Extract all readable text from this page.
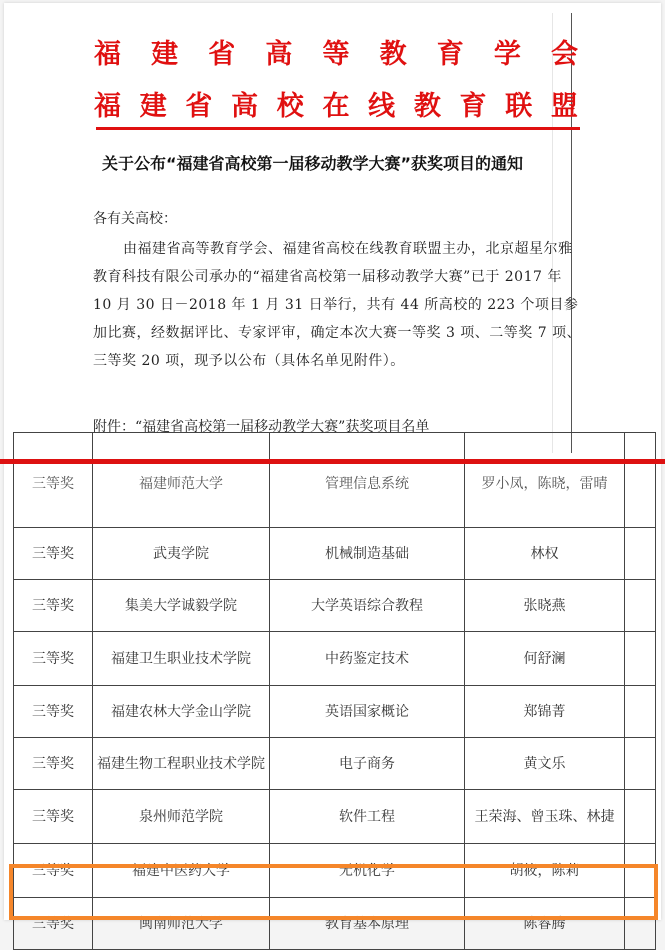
福 建 省 高 等 教 育 学 会
福 建 省 高 校 在 线 教 育 联 盟
关于公布“福建省高校第一届移动教学大赛”获奖项目的通知
各有关高校：
由福建省高等教育学会、福建省高校在线教育联盟主办，北京超星尔雅教育科技有限公司承办的“福建省高校第一届移动教学大赛”已于 2017 年 10 月 30 日－2018 年 1 月 31 日举行，共有 44 所高校的 223 个项目参加比赛，经数据评比、专家评审，确定本次大赛一等奖 3 项、二等奖 7 项、三等奖 20 项，现予以公布（具体名单见附件）。
附件：“福建省高校第一届移动教学大赛”获奖项目名单
三等奖	福建师范大学	管理信息系统	罗小凤，陈晓，雷晴	
三等奖	武夷学院	机械制造基础	林权	
三等奖	集美大学诚毅学院	大学英语综合教程	张晓燕	
三等奖	福建卫生职业技术学院	中药鉴定技术	何舒澜	
三等奖	福建农林大学金山学院	英语国家概论	郑锦菁	
三等奖	福建生物工程职业技术学院	电子商务	黄文乐	
三等奖	泉州师范学院	软件工程	王荣海、曾玉珠、林捷	
三等奖	福建中医药大学	无机化学	胡筱，陈莉	
三等奖	闽南师范大学	教育基本原理	陈睿腾	
